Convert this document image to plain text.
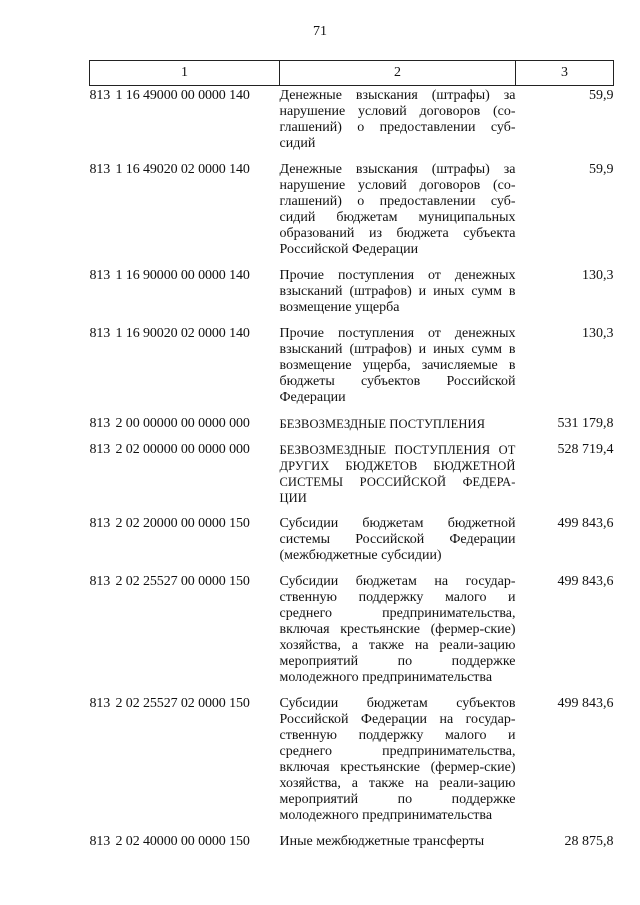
71
1	2	3
813 1 16 49000 00 0000 140	Денежные взыскания (штрафы) за нарушение условий договоров (со-глашений) о предоставлении суб-сидий	59,9

813 1 16 49020 02 0000 140	Денежные взыскания (штрафы) за нарушение условий договоров (со-глашений) о предоставлении суб-сидий бюджетам муниципальных образований из бюджета субъекта Российской Федерации	59,9

813 1 16 90000 00 0000 140	Прочие поступления от денежных взысканий (штрафов) и иных сумм в возмещение ущерба	130,3

813 1 16 90020 02 0000 140	Прочие поступления от денежных взысканий (штрафов) и иных сумм в возмещение ущерба, зачисляемые в бюджеты субъектов Российской Федерации	130,3

813 2 00 00000 00 0000 000	БЕЗВОЗМЕЗДНЫЕ ПОСТУПЛЕНИЯ	531 179,8

813 2 02 00000 00 0000 000	БЕЗВОЗМЕЗДНЫЕ ПОСТУПЛЕНИЯ ОТ ДРУГИХ БЮДЖЕТОВ БЮДЖЕТНОЙ СИСТЕМЫ РОССИЙСКОЙ ФЕДЕРА-ЦИИ	528 719,4

813 2 02 20000 00 0000 150	Субсидии бюджетам бюджетной системы Российской Федерации (межбюджетные субсидии)	499 843,6

813 2 02 25527 00 0000 150	Субсидии бюджетам на государ-ственную поддержку малого и среднего предпринимательства, включая крестьянские (фермер-ские) хозяйства, а также на реали-зацию мероприятий по поддержке молодежного предпринимательства	499 843,6

813 2 02 25527 02 0000 150	Субсидии бюджетам субъектов Российской Федерации на государ-ственную поддержку малого и среднего предпринимательства, включая крестьянские (фермер-ские) хозяйства, а также на реали-зацию мероприятий по поддержке молодежного предпринимательства	499 843,6

813 2 02 40000 00 0000 150	Иные межбюджетные трансферты	28 875,8
